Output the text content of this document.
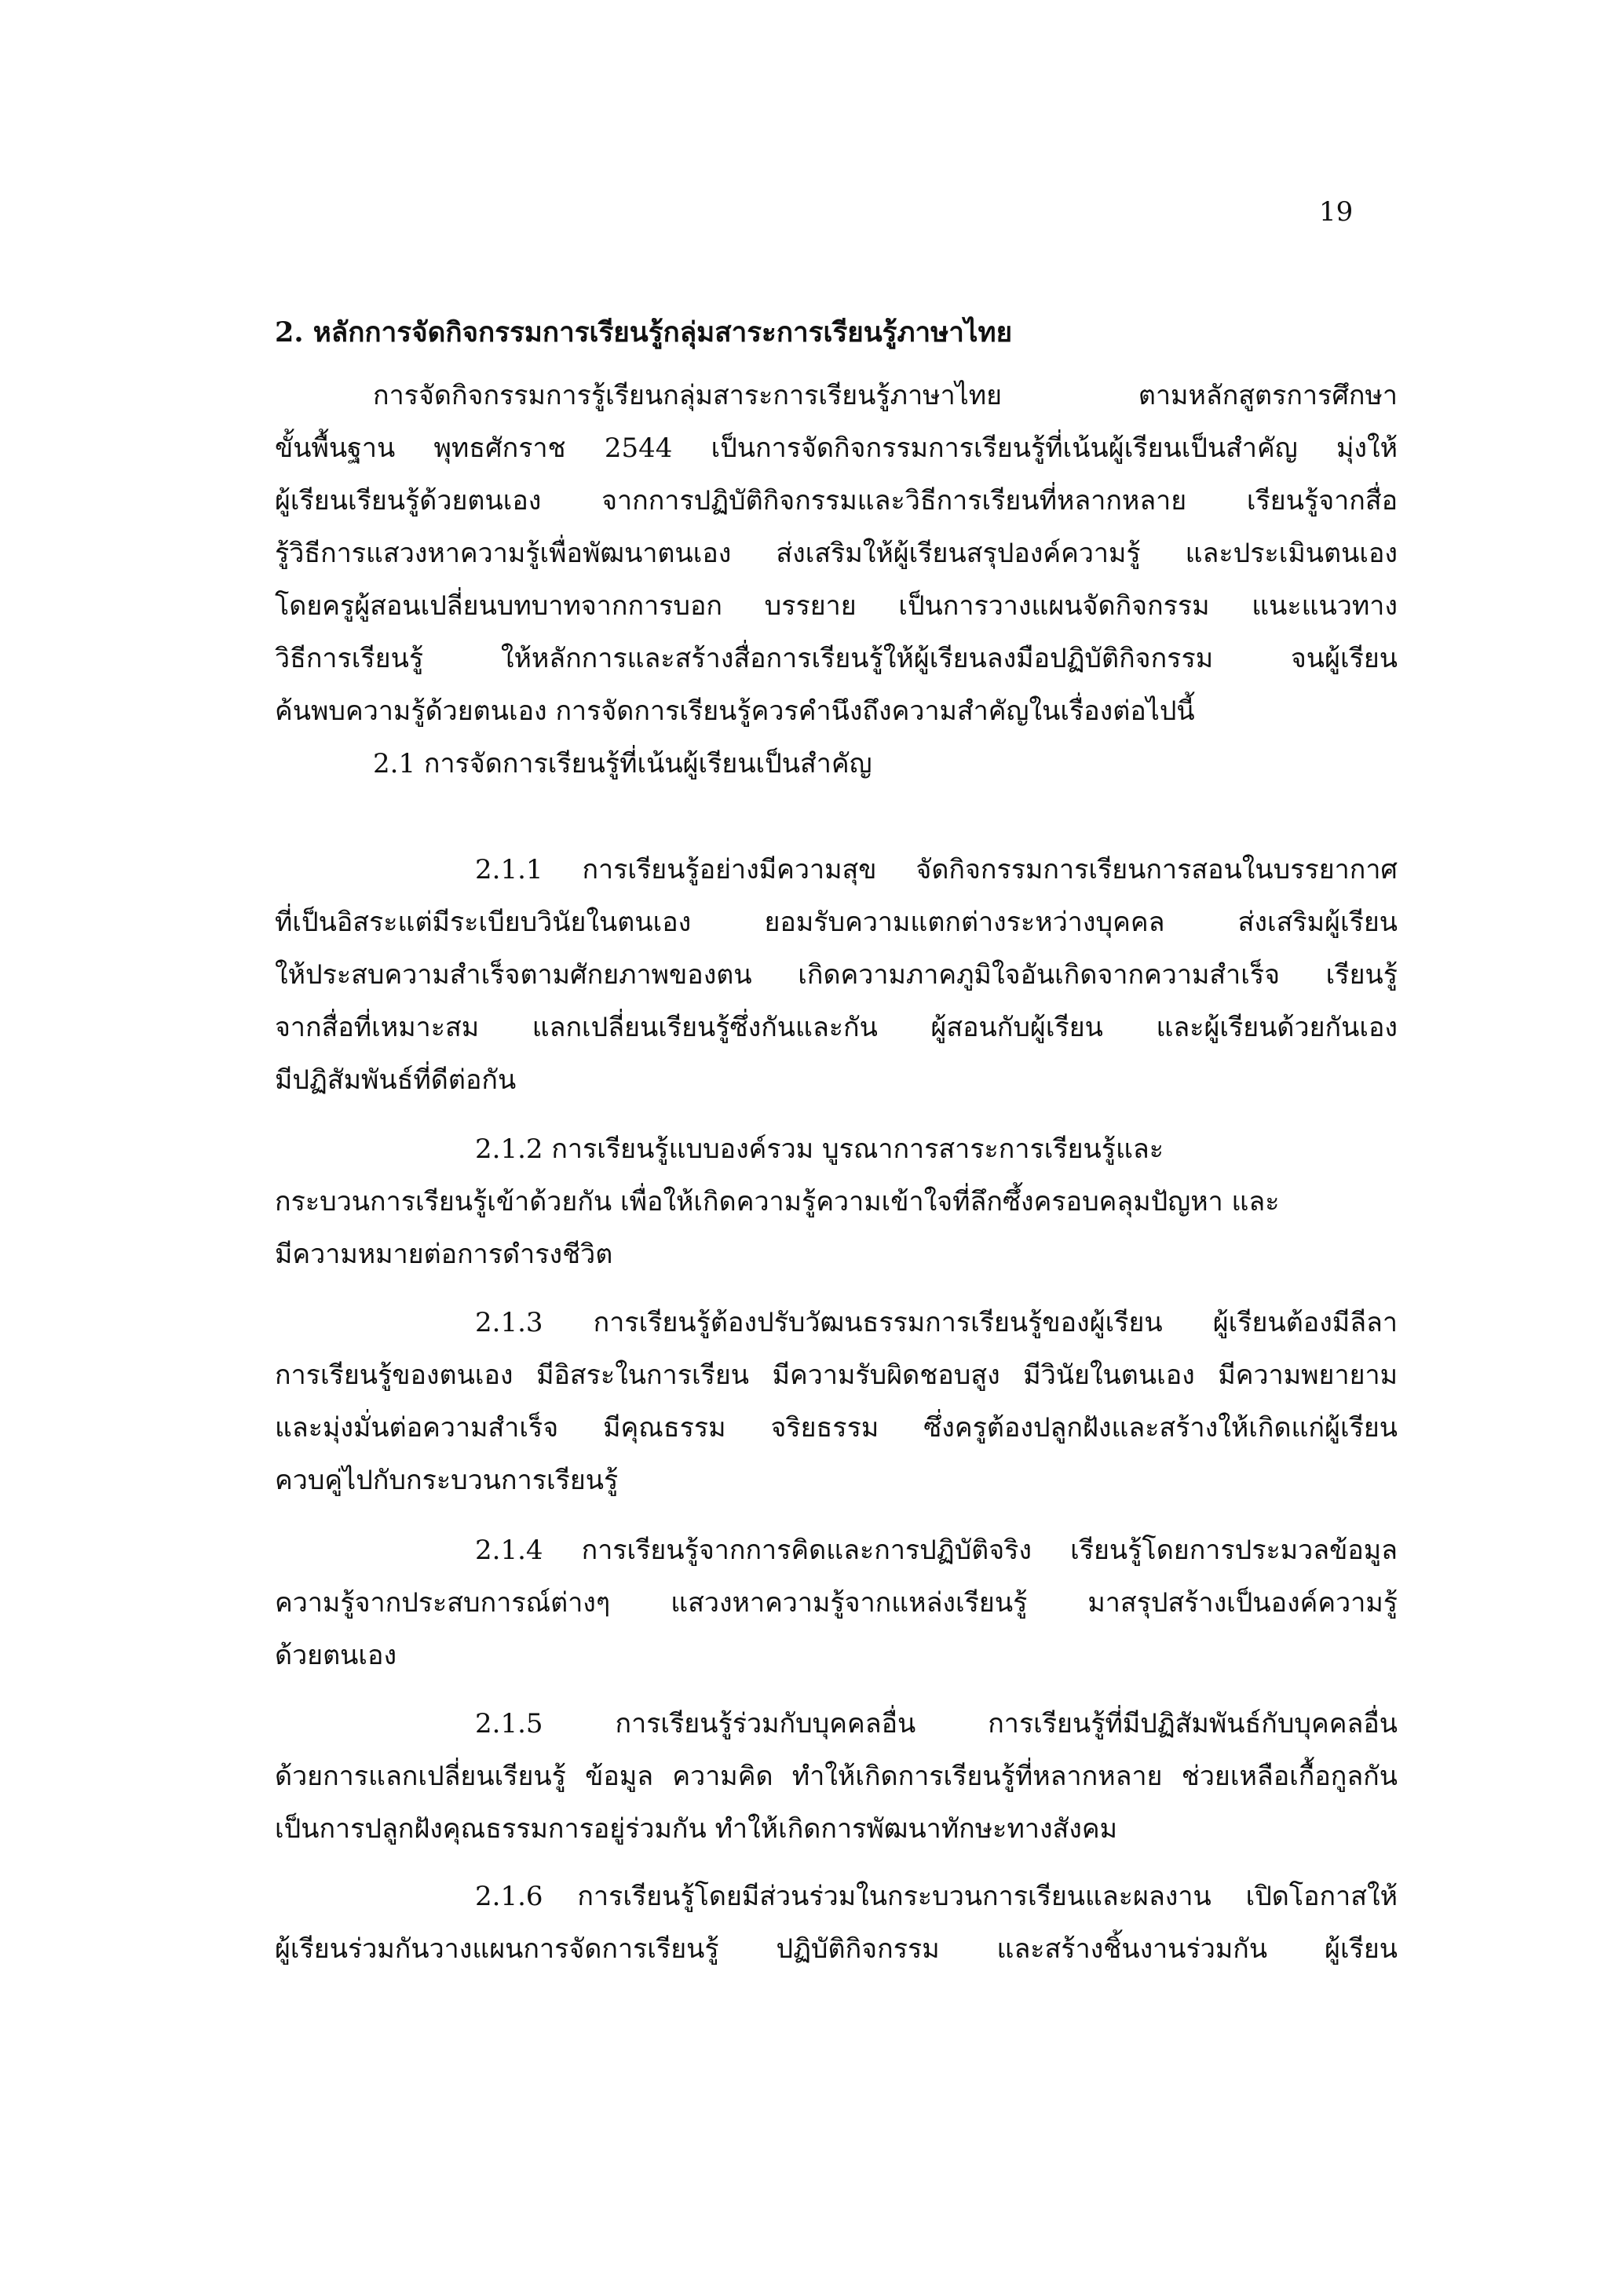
19
2. หลักการจัดกิจกรรมการเรียนรู้กลุ่มสาระการเรียนรู้ภาษาไทย
การจัดกิจกรรมการรู้เรียนกลุ่มสาระการเรียนรู้ภาษาไทย ตามหลักสูตรการศึกษา
ขั้นพื้นฐาน พุทธศักราช 2544 เป็นการจัดกิจกรรมการเรียนรู้ที่เน้นผู้เรียนเป็นสำคัญ มุ่งให้
ผู้เรียนเรียนรู้ด้วยตนเอง จากการปฏิบัติกิจกรรมและวิธีการเรียนที่หลากหลาย เรียนรู้จากสื่อ
รู้วิธีการแสวงหาความรู้เพื่อพัฒนาตนเอง ส่งเสริมให้ผู้เรียนสรุปองค์ความรู้ และประเมินตนเอง
โดยครูผู้สอนเปลี่ยนบทบาทจากการบอก บรรยาย เป็นการวางแผนจัดกิจกรรม แนะแนวทาง
วิธีการเรียนรู้ ให้หลักการและสร้างสื่อการเรียนรู้ให้ผู้เรียนลงมือปฏิบัติกิจกรรม จนผู้เรียน
ค้นพบความรู้ด้วยตนเอง การจัดการเรียนรู้ควรคำนึงถึงความสำคัญในเรื่องต่อไปนี้
2.1 การจัดการเรียนรู้ที่เน้นผู้เรียนเป็นสำคัญ
2.1.1 การเรียนรู้อย่างมีความสุข จัดกิจกรรมการเรียนการสอนในบรรยากาศ
ที่เป็นอิสระแต่มีระเบียบวินัยในตนเอง ยอมรับความแตกต่างระหว่างบุคคล ส่งเสริมผู้เรียน
ให้ประสบความสำเร็จตามศักยภาพของตน เกิดความภาคภูมิใจอันเกิดจากความสำเร็จ เรียนรู้
จากสื่อที่เหมาะสม แลกเปลี่ยนเรียนรู้ซึ่งกันและกัน ผู้สอนกับผู้เรียน และผู้เรียนด้วยกันเอง
มีปฏิสัมพันธ์ที่ดีต่อกัน
2.1.2 การเรียนรู้แบบองค์รวม บูรณาการสาระการเรียนรู้และ
กระบวนการเรียนรู้เข้าด้วยกัน เพื่อให้เกิดความรู้ความเข้าใจที่ลึกซึ้งครอบคลุมปัญหา และ
มีความหมายต่อการดำรงชีวิต
2.1.3 การเรียนรู้ต้องปรับวัฒนธรรมการเรียนรู้ของผู้เรียน ผู้เรียนต้องมีลีลา
การเรียนรู้ของตนเอง มีอิสระในการเรียน มีความรับผิดชอบสูง มีวินัยในตนเอง มีความพยายาม
และมุ่งมั่นต่อความสำเร็จ มีคุณธรรม จริยธรรม ซึ่งครูต้องปลูกฝังและสร้างให้เกิดแก่ผู้เรียน
ควบคู่ไปกับกระบวนการเรียนรู้
2.1.4 การเรียนรู้จากการคิดและการปฏิบัติจริง เรียนรู้โดยการประมวลข้อมูล
ความรู้จากประสบการณ์ต่างๆ แสวงหาความรู้จากแหล่งเรียนรู้ มาสรุปสร้างเป็นองค์ความรู้
ด้วยตนเอง
2.1.5 การเรียนรู้ร่วมกับบุคคลอื่น การเรียนรู้ที่มีปฏิสัมพันธ์กับบุคคลอื่น
ด้วยการแลกเปลี่ยนเรียนรู้ ข้อมูล ความคิด ทำให้เกิดการเรียนรู้ที่หลากหลาย ช่วยเหลือเกื้อกูลกัน
เป็นการปลูกฝังคุณธรรมการอยู่ร่วมกัน ทำให้เกิดการพัฒนาทักษะทางสังคม
2.1.6 การเรียนรู้โดยมีส่วนร่วมในกระบวนการเรียนและผลงาน เปิดโอกาสให้
ผู้เรียนร่วมกันวางแผนการจัดการเรียนรู้ ปฏิบัติกิจกรรม และสร้างชิ้นงานร่วมกัน ผู้เรียน
